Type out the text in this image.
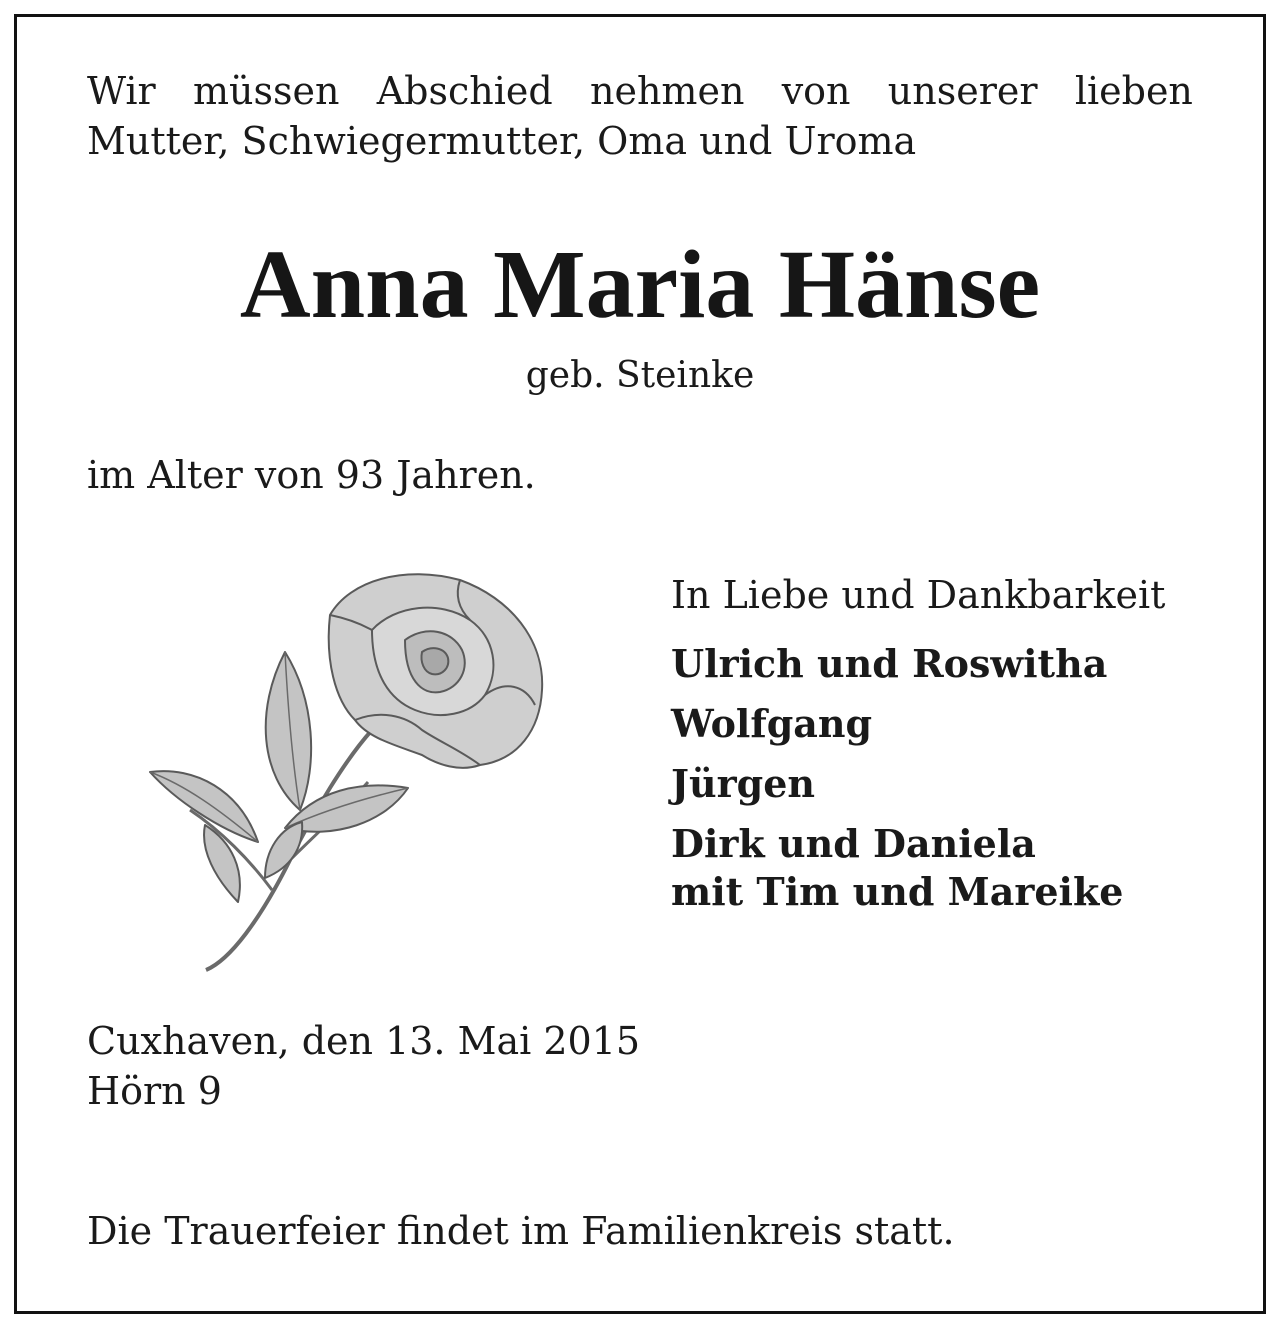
Wir müssen Abschied nehmen von unserer lieben
Mutter, Schwiegermutter, Oma und Uroma
Anna Maria Hänse

geb. Steinke

im Alter von 93 Jahren.

In Liebe und Dankbarkeit

Ulrich und Roswitha
Wolfgang
Jürgen
Dirk und Daniela
mit Tim und Mareike
Cuxhaven, den 13. Mai 2015
Hörn 9

Die Trauerfeier findet im Familienkreis statt.
